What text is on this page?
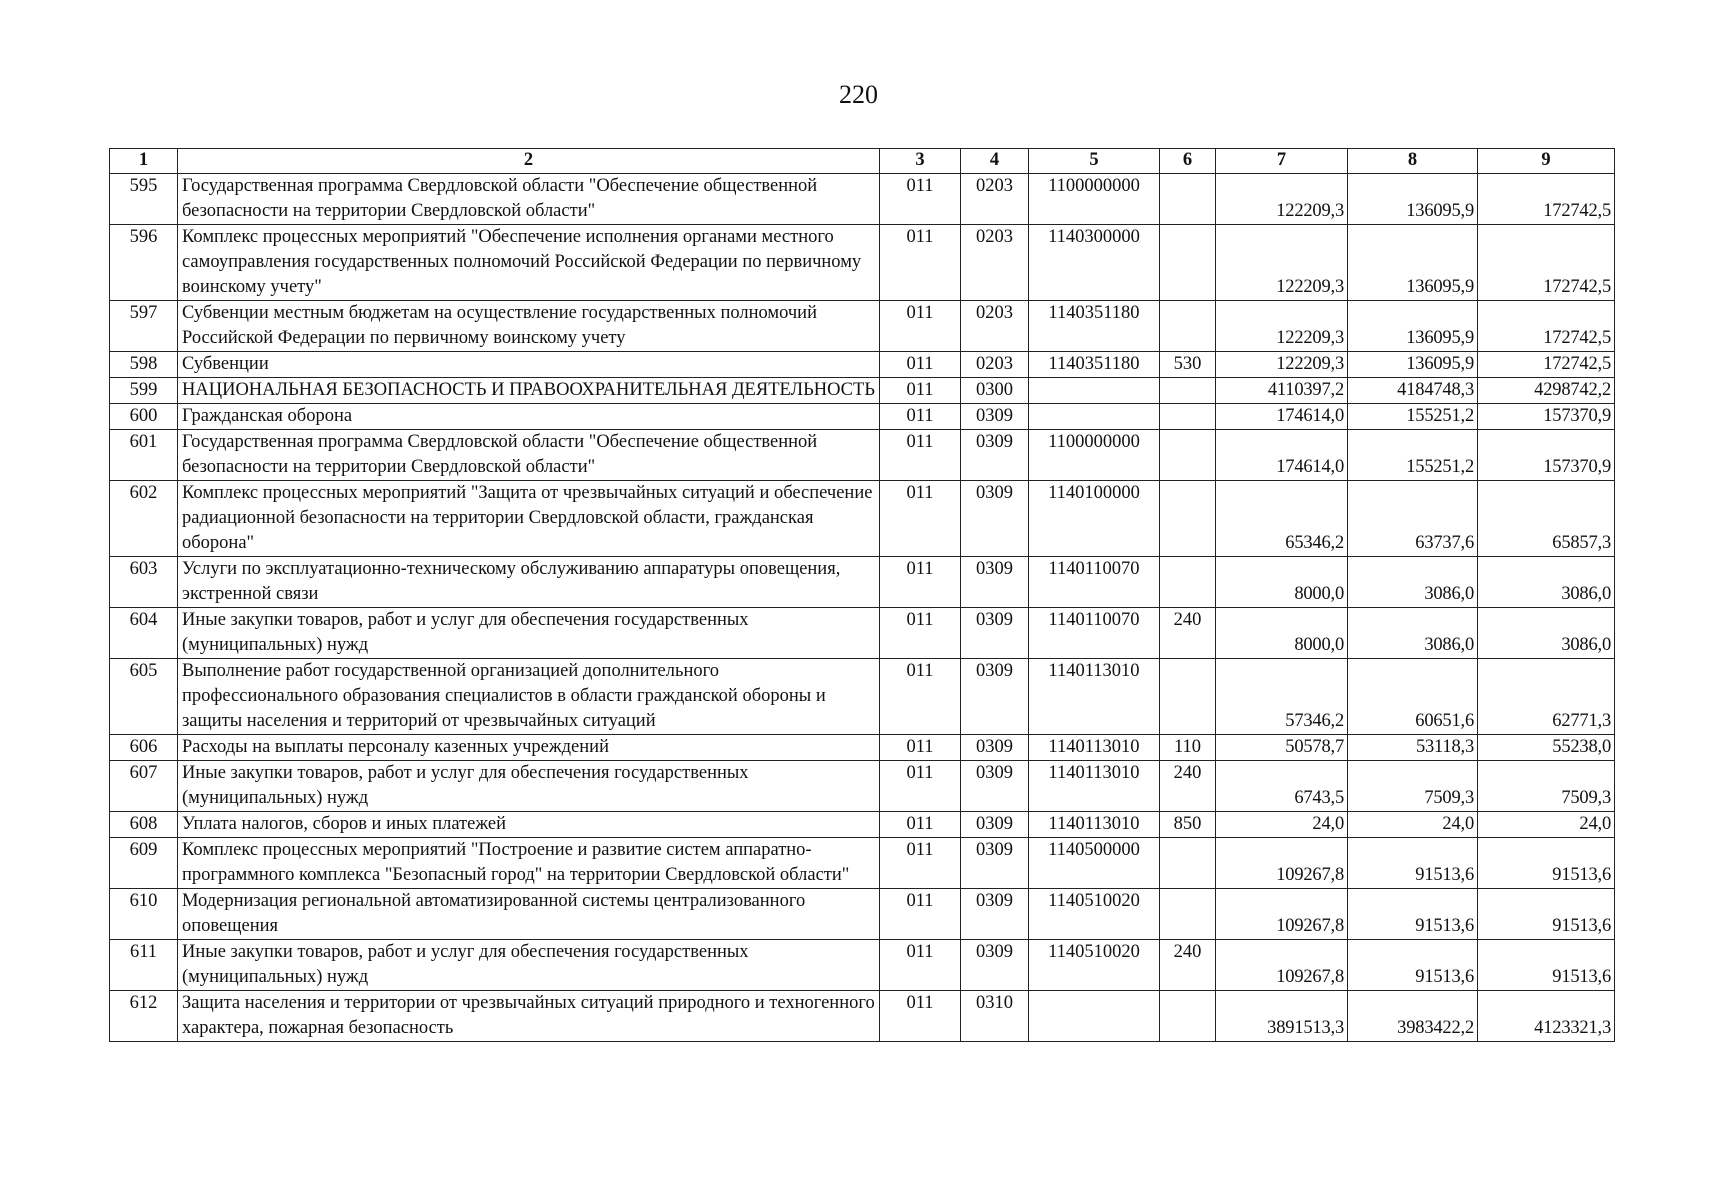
220
1	2	3	4	5	6	7	8	9
595	Государственная программа Свердловской области "Обеспечение общественной безопасности на территории Свердловской области"	011	0203	1100000000		122209,3	136095,9	172742,5
596	Комплекс процессных мероприятий "Обеспечение исполнения органами местного самоуправления государственных полномочий Российской Федерации по первичному воинскому учету"	011	0203	1140300000		122209,3	136095,9	172742,5
597	Субвенции местным бюджетам на осуществление государственных полномочий Российской Федерации по первичному воинскому учету	011	0203	1140351180		122209,3	136095,9	172742,5
598	Субвенции	011	0203	1140351180	530	122209,3	136095,9	172742,5
599	НАЦИОНАЛЬНАЯ БЕЗОПАСНОСТЬ И ПРАВООХРАНИТЕЛЬНАЯ ДЕЯТЕЛЬНОСТЬ	011	0300			4110397,2	4184748,3	4298742,2
600	Гражданская оборона	011	0309			174614,0	155251,2	157370,9
601	Государственная программа Свердловской области "Обеспечение общественной безопасности на территории Свердловской области"	011	0309	1100000000		174614,0	155251,2	157370,9
602	Комплекс процессных мероприятий "Защита от чрезвычайных ситуаций и обеспечение радиационной безопасности на территории Свердловской области, гражданская оборона"	011	0309	1140100000		65346,2	63737,6	65857,3
603	Услуги по эксплуатационно-техническому обслуживанию аппаратуры оповещения, экстренной связи	011	0309	1140110070		8000,0	3086,0	3086,0
604	Иные закупки товаров, работ и услуг для обеспечения государственных (муниципальных) нужд	011	0309	1140110070	240	8000,0	3086,0	3086,0
605	Выполнение работ государственной организацией дополнительного профессионального образования специалистов в области гражданской обороны и защиты населения и территорий от чрезвычайных ситуаций	011	0309	1140113010		57346,2	60651,6	62771,3
606	Расходы на выплаты персоналу казенных учреждений	011	0309	1140113010	110	50578,7	53118,3	55238,0
607	Иные закупки товаров, работ и услуг для обеспечения государственных (муниципальных) нужд	011	0309	1140113010	240	6743,5	7509,3	7509,3
608	Уплата налогов, сборов и иных платежей	011	0309	1140113010	850	24,0	24,0	24,0
609	Комплекс процессных мероприятий "Построение и развитие систем аппаратно-программного комплекса "Безопасный город" на территории Свердловской области"	011	0309	1140500000		109267,8	91513,6	91513,6
610	Модернизация региональной автоматизированной системы централизованного оповещения	011	0309	1140510020		109267,8	91513,6	91513,6
611	Иные закупки товаров, работ и услуг для обеспечения государственных (муниципальных) нужд	011	0309	1140510020	240	109267,8	91513,6	91513,6
612	Защита населения и территории от чрезвычайных ситуаций природного и техногенного характера, пожарная безопасность	011	0310			3891513,3	3983422,2	4123321,3
